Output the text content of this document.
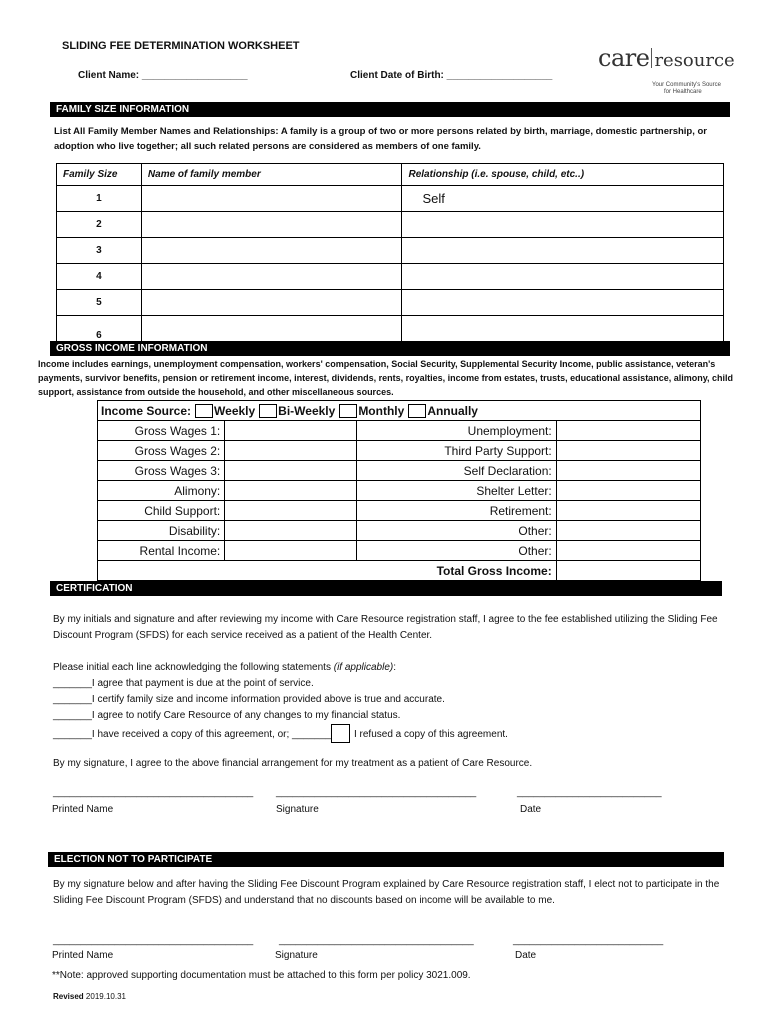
SLIDING FEE DETERMINATION WORKSHEET
Client Name: ___________________	Client Date of Birth: ___________________
care resource
Your Community's Source
for Healthcare
FAMILY SIZE INFORMATION
List All Family Member Names and Relationships: A family is a group of two or more persons related by birth, marriage, domestic partnership, or adoption who live together; all such related persons are considered as members of one family.
Family Size	Name of family member	Relationship (i.e. spouse, child, etc..)
1		Self
2		
3		
4		
5		
6		
GROSS INCOME INFORMATION
Income includes earnings, unemployment compensation, workers' compensation, Social Security, Supplemental Security Income, public assistance, veteran's payments, survivor benefits, pension or retirement income, interest, dividends, rents, royalties, income from estates, trusts, educational assistance, alimony, child support, assistance from outside the household, and other miscellaneous sources.
Income Source: Weekly Bi-Weekly Monthly Annually			
Gross Wages 1:		Unemployment:	
Gross Wages 2:		Third Party Support:	
Gross Wages 3:		Self Declaration:	
Alimony:		Shelter Letter:	
Child Support:		Retirement:	
Disability:		Other:	
Rental Income:		Other:	
Total Gross Income:			
CERTIFICATION
By my initials and signature and after reviewing my income with Care Resource registration staff, I agree to the fee established utilizing the Sliding Fee Discount Program (SFDS) for each service received as a patient of the Health Center.
Please initial each line acknowledging the following statements (if applicable):
_______I agree that payment is due at the point of service.
_______I certify family size and income information provided above is true and accurate.
_______I agree to notify Care Resource of any changes to my financial status.
_______I have received a copy of this agreement, or; _______ I refused a copy of this agreement.
By my signature, I agree to the above financial arrangement for my treatment as a patient of Care Resource.
____________________________________ ____________________________________	__________________________
Printed Name	Signature	Date
ELECTION NOT TO PARTICIPATE
By my signature below and after having the Sliding Fee Discount Program explained by Care Resource registration staff, I elect not to participate in the Sliding Fee Discount Program (SFDS) and understand that no discounts based on income will be available to me.
____________________________________	___________________________________	___________________________
Printed Name	Signature	Date
**Note: approved supporting documentation must be attached to this form per policy 3021.009.
Revised 2019.10.31
